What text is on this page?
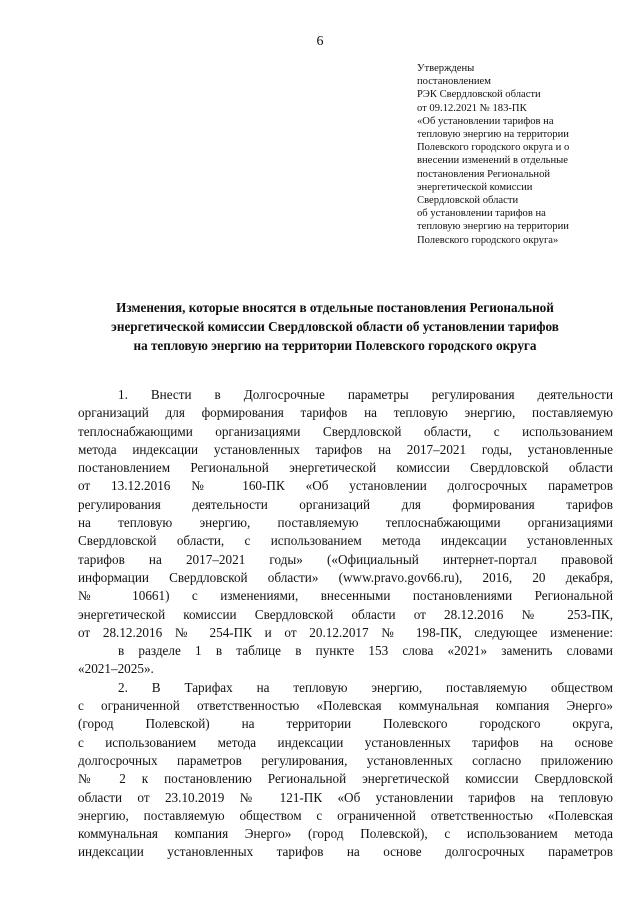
6
Утверждены
постановлением
РЭК Свердловской области
от 09.12.2021 № 183-ПК
«Об установлении тарифов на
тепловую энергию на территории
Полевского городского округа и о
внесении изменений в отдельные
постановления Региональной
энергетической комиссии
Свердловской области
об установлении тарифов на
тепловую энергию на территории
Полевского городского округа»
Изменения, которые вносятся в отдельные постановления Региональной
энергетической комиссии Свердловской области об установлении тарифов
на тепловую энергию на территории Полевского городского округа
1. Внести в Долгосрочные параметры регулирования деятельности
организаций для формирования тарифов на тепловую энергию, поставляемую
теплоснабжающими организациями Свердловской области, с использованием
метода индексации установленных тарифов на 2017–2021 годы, установленные
постановлением Региональной энергетической комиссии Свердловской области
от 13.12.2016 № 160-ПК «Об установлении долгосрочных параметров
регулирования деятельности организаций для формирования тарифов
на тепловую энергию, поставляемую теплоснабжающими организациями
Свердловской области, с использованием метода индексации установленных
тарифов на 2017–2021 годы» («Официальный интернет-портал правовой
информации Свердловской области» (www.pravo.gov66.ru), 2016, 20 декабря,
№ 10661) с изменениями, внесенными постановлениями Региональной
энергетической комиссии Свердловской области от 28.12.2016 № 253-ПК,
от 28.12.2016 № 254-ПК и от 20.12.2017 № 198-ПК, следующее изменение:
в разделе 1 в таблице в пункте 153 слова «2021» заменить словами
«2021–2025».
2. В Тарифах на тепловую энергию, поставляемую обществом
с ограниченной ответственностью «Полевская коммунальная компания Энерго»
(город Полевской) на территории Полевского городского округа,
с использованием метода индексации установленных тарифов на основе
долгосрочных параметров регулирования, установленных согласно приложению
№ 2 к постановлению Региональной энергетической комиссии Свердловской
области от 23.10.2019 № 121-ПК «Об установлении тарифов на тепловую
энергию, поставляемую обществом с ограниченной ответственностью «Полевская
коммунальная компания Энерго» (город Полевской), с использованием метода
индексации установленных тарифов на основе долгосрочных параметров
